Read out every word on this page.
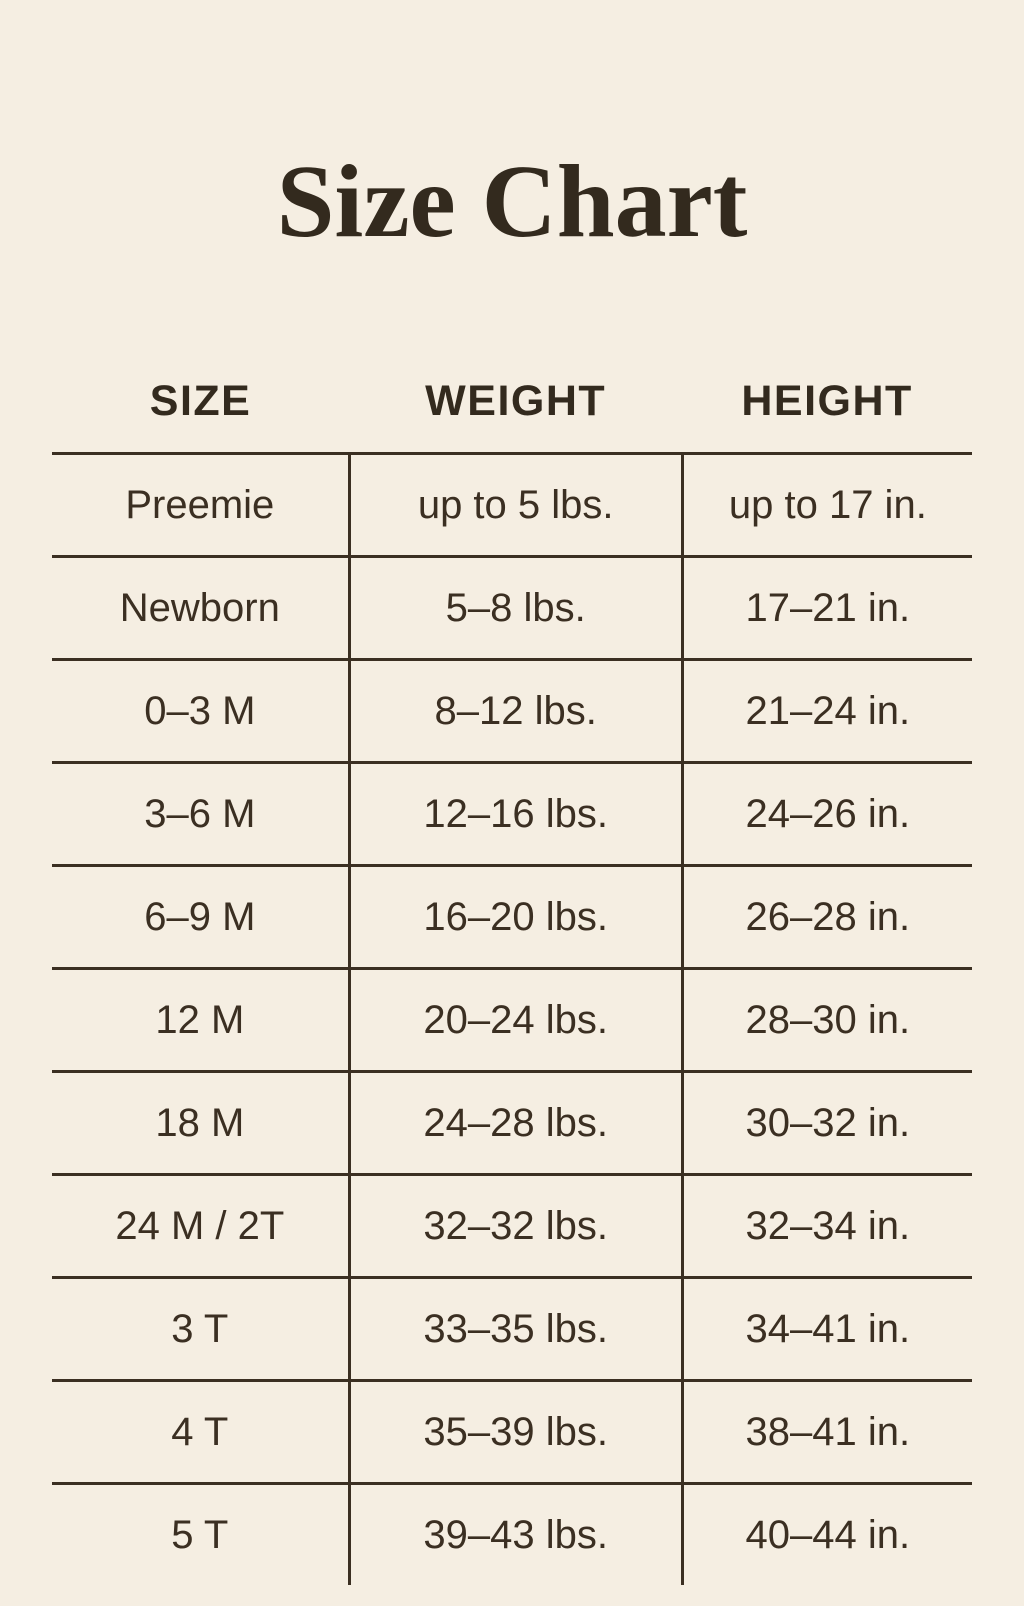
Size Chart
SIZE	WEIGHT	HEIGHT

Preemie	up to 5 lbs.	up to 17 in.

Newborn	5–8 lbs.	17–21 in.

0–3 M	8–12 lbs.	21–24 in.

3–6 M	12–16 lbs.	24–26 in.

6–9 M	16–20 lbs.	26–28 in.

12 M	20–24 lbs.	28–30 in.

18 M	24–28 lbs.	30–32 in.

24 M / 2T	32–32 lbs.	32–34 in.

3 T	33–35 lbs.	34–41 in.

4 T	35–39 lbs.	38–41 in.

5 T	39–43 lbs.	40–44 in.
